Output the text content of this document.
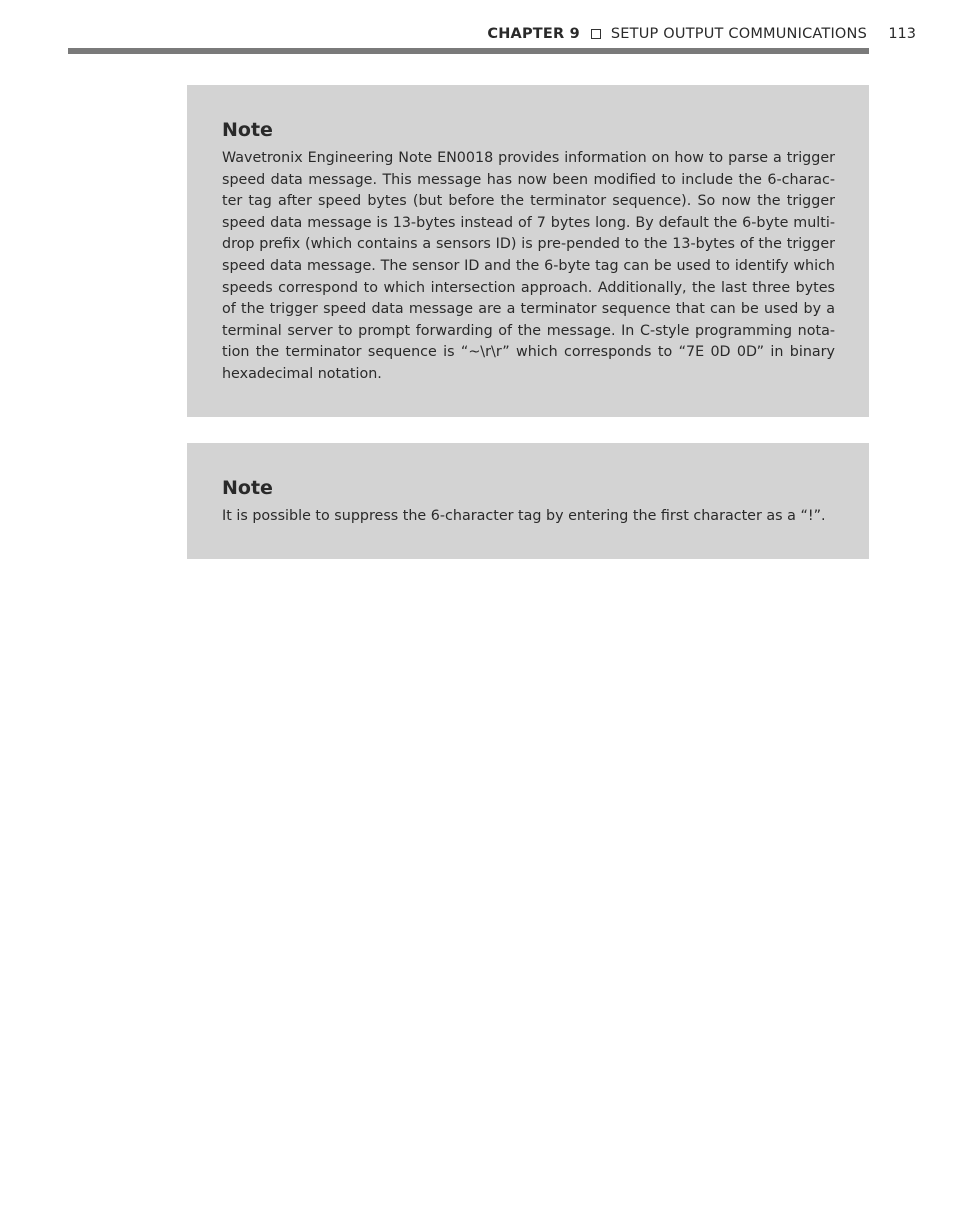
CHAPTER 9 SETUP OUTPUT COMMUNICATIONS 113
Note

Wavetronix Engineering Note EN0018 provides information on how to parse a trigger speed data message. This message has now been modified to include the 6-character tag after speed bytes (but before the terminator sequence). So now the trigger speed data message is 13-bytes instead of 7 bytes long. By default the 6-byte multidrop prefix (which contains a sensors ID) is pre-pended to the 13-bytes of the trigger speed data message. The sensor ID and the 6-byte tag can be used to identify which speeds correspond to which intersection approach. Additionally, the last three bytes of the trigger speed data message are a terminator sequence that can be used by a terminal server to prompt forwarding of the message. In C-style programming notation the terminator sequence is “~\r\r” which corresponds to “7E 0D 0D” in binary hexadecimal notation.

Note

It is possible to suppress the 6-character tag by entering the first character as a “!”.
